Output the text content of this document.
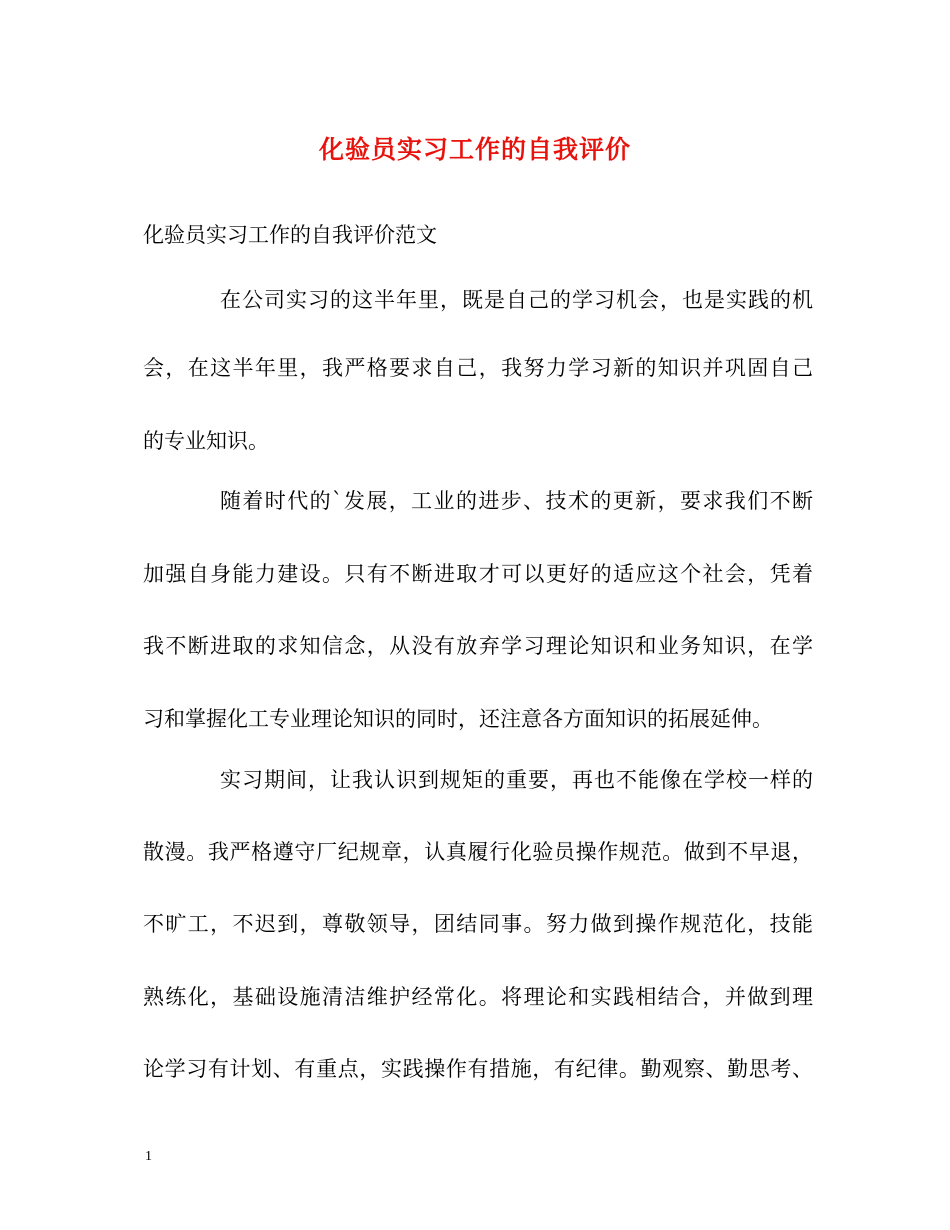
化验员实习工作的自我评价
化验员实习工作的自我评价范文
在公司实习的这半年里，既是自己的学习机会，也是实践的机
会，在这半年里，我严格要求自己，我努力学习新的知识并巩固自己
的专业知识。
随着时代的`发展，工业的进步、技术的更新，要求我们不断
加强自身能力建设。只有不断进取才可以更好的适应这个社会，凭着
我不断进取的求知信念，从没有放弃学习理论知识和业务知识，在学
习和掌握化工专业理论知识的同时，还注意各方面知识的拓展延伸。
实习期间，让我认识到规矩的重要，再也不能像在学校一样的
散漫。我严格遵守厂纪规章，认真履行化验员操作规范。做到不早退，
不旷工，不迟到，尊敬领导，团结同事。努力做到操作规范化，技能
熟练化，基础设施清洁维护经常化。将理论和实践相结合，并做到理
论学习有计划、有重点，实践操作有措施，有纪律。勤观察、勤思考、
1
